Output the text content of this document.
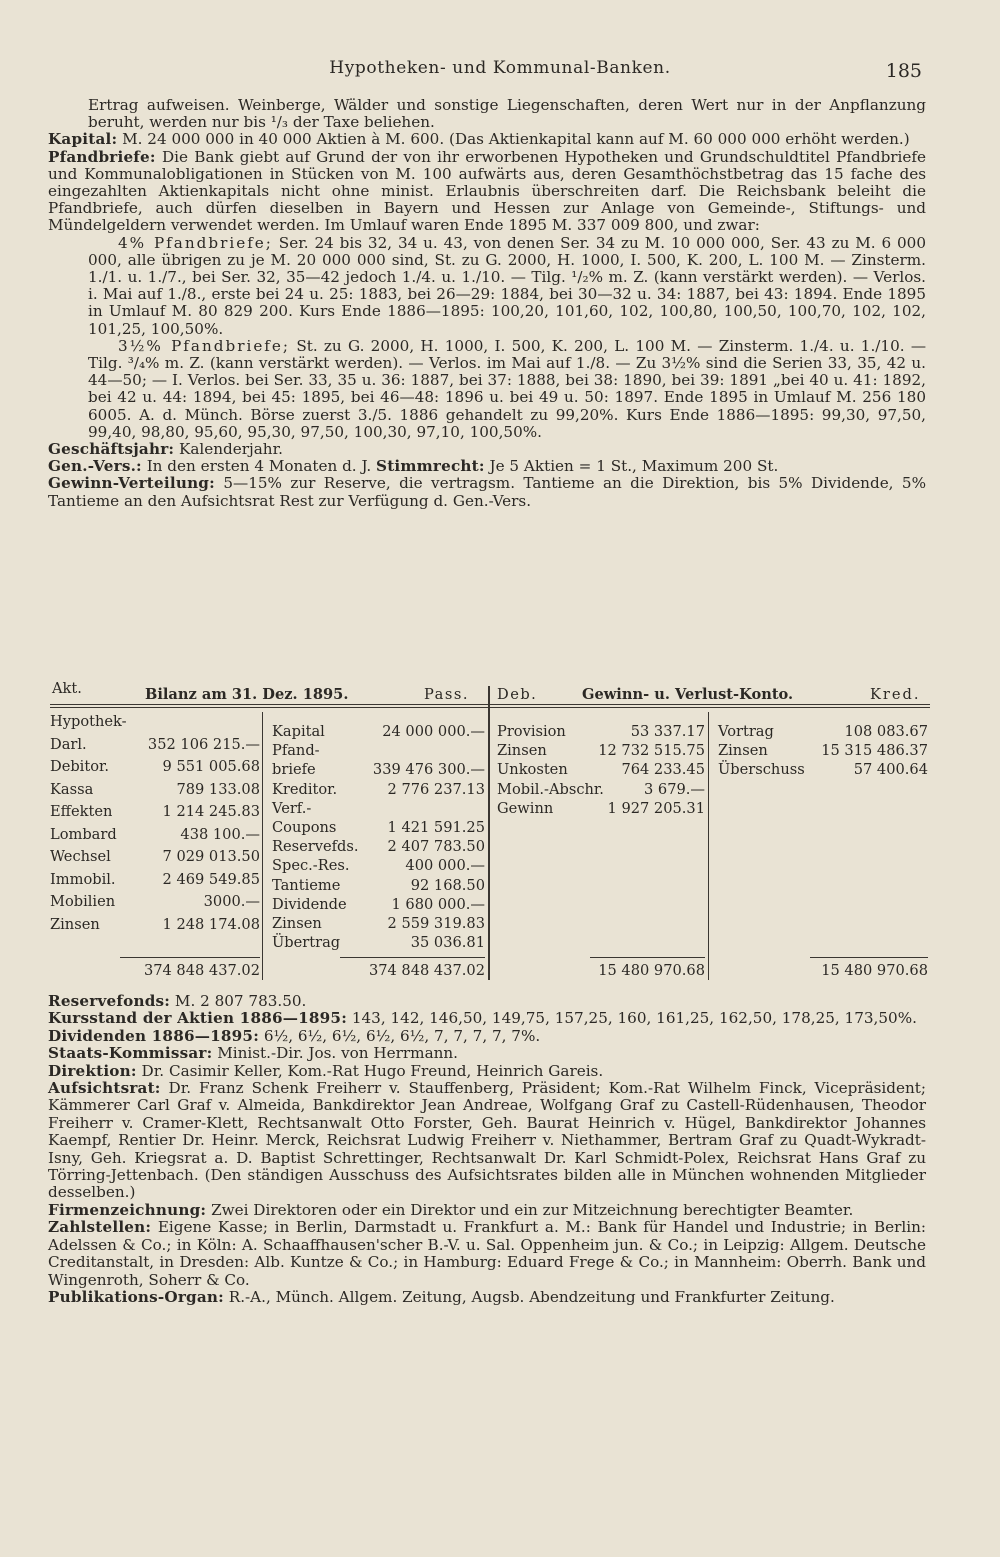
Hypotheken- und Kommunal-Banken.	185

Ertrag aufweisen. Weinberge, Wälder und sonstige Liegenschaften, deren Wert nur in der Anpflanzung beruht, werden nur bis ¹/₃ der Taxe beliehen.

Kapital: M. 24 000 000 in 40 000 Aktien à M. 600. (Das Aktienkapital kann auf M. 60 000 000 erhöht werden.)

Pfandbriefe: Die Bank giebt auf Grund der von ihr erworbenen Hypotheken und Grundschuldtitel Pfandbriefe und Kommunalobligationen in Stücken von M. 100 aufwärts aus, deren Gesamthöchstbetrag das 15 fache des eingezahlten Aktienkapitals nicht ohne minist. Erlaubnis überschreiten darf. Die Reichsbank beleiht die Pfandbriefe, auch dürfen dieselben in Bayern und Hessen zur Anlage von Gemeinde-, Stiftungs- und Mündelgeldern verwendet werden. Im Umlauf waren Ende 1895 M. 337 009 800, und zwar:

4% Pfandbriefe; Ser. 24 bis 32, 34 u. 43, von denen Ser. 34 zu M. 10 000 000, Ser. 43 zu M. 6 000 000, alle übrigen zu je M. 20 000 000 sind, St. zu G. 2000, H. 1000, I. 500, K. 200, L. 100 M. — Zinsterm. 1./1. u. 1./7., bei Ser. 32, 35—42 jedoch 1./4. u. 1./10. — Tilg. ¹/₂% m. Z. (kann verstärkt werden). — Verlos. i. Mai auf 1./8., erste bei 24 u. 25: 1883, bei 26—29: 1884, bei 30—32 u. 34: 1887, bei 43: 1894. Ende 1895 in Umlauf M. 80 829 200. Kurs Ende 1886—1895: 100,20, 101,60, 102, 100,80, 100,50, 100,70, 102, 102, 101,25, 100,50%.

3½% Pfandbriefe; St. zu G. 2000, H. 1000, I. 500, K. 200, L. 100 M. — Zinsterm. 1./4. u. 1./10. — Tilg. ³/₄% m. Z. (kann verstärkt werden). — Verlos. im Mai auf 1./8. — Zu 3½% sind die Serien 33, 35, 42 u. 44—50; — I. Verlos. bei Ser. 33, 35 u. 36: 1887, bei 37: 1888, bei 38: 1890, bei 39: 1891 „bei 40 u. 41: 1892, bei 42 u. 44: 1894, bei 45: 1895, bei 46—48: 1896 u. bei 49 u. 50: 1897. Ende 1895 in Umlauf M. 256 180 6005. A. d. Münch. Börse zuerst 3./5. 1886 gehandelt zu 99,20%. Kurs Ende 1886—1895: 99,30, 97,50, 99,40, 98,80, 95,60, 95,30, 97,50, 100,30, 97,10, 100,50%.

Geschäftsjahr: Kalenderjahr.

Gen.-Vers.: In den ersten 4 Monaten d. J. Stimmrecht: Je 5 Aktien = 1 St., Maximum 200 St.

Gewinn-Verteilung: 5—15% zur Reserve, die vertragsm. Tantieme an die Direktion, bis 5% Dividende, 5% Tantieme an den Aufsichtsrat Rest zur Verfügung d. Gen.-Vers.

Akt.	Bilanz am 31. Dez. 1895.	Pass. Deb.	Gewinn- u. Verlust-Konto.	Kred.
Hypothek-
Darl.	352 106 215.—
Debitor.	9 551 005.68
Kassa	789 133.08
Effekten	1 214 245.83
Lombard	438 100.—
Wechsel	7 029 013.50
Immobil.	2 469 549.85
Mobilien	3000.—
Zinsen	1 248 174.08
Kapital	24 000 000.—
Pfand-
briefe	339 476 300.—
Kreditor.	2 776 237.13
Verf.-
Coupons	1 421 591.25
Reservefds.	2 407 783.50
Spec.-Res.	400 000.—
Tantieme	92 168.50
Dividende	1 680 000.—
Zinsen	2 559 319.83
Übertrag	35 036.81
Provision	53 337.17
Zinsen	12 732 515.75
Unkosten	764 233.45
Mobil.-Abschr.	3 679.—
Gewinn	1 927 205.31
Vortrag	108 083.67
Zinsen	15 315 486.37
Überschuss	57 400.64
374 848 437.02	374 848 437.02	15 480 970.68	15 480 970.68

Reservefonds: M. 2 807 783.50.

Kursstand der Aktien 1886—1895: 143, 142, 146,50, 149,75, 157,25, 160, 161,25, 162,50, 178,25, 173,50%.

Dividenden 1886—1895: 6½, 6½, 6½, 6½, 6½, 7, 7, 7, 7, 7%.

Staats-Kommissar: Minist.-Dir. Jos. von Herrmann.

Direktion: Dr. Casimir Keller, Kom.-Rat Hugo Freund, Heinrich Gareis.

Aufsichtsrat: Dr. Franz Schenk Freiherr v. Stauffenberg, Präsident; Kom.-Rat Wilhelm Finck, Vicepräsident; Kämmerer Carl Graf v. Almeida, Bankdirektor Jean Andreae, Wolfgang Graf zu Castell-Rüdenhausen, Theodor Freiherr v. Cramer-Klett, Rechtsanwalt Otto Forster, Geh. Baurat Heinrich v. Hügel, Bankdirektor Johannes Kaempf, Rentier Dr. Heinr. Merck, Reichsrat Ludwig Freiherr v. Niethammer, Bertram Graf zu Quadt-Wykradt-Isny, Geh. Kriegsrat a. D. Baptist Schrettinger, Rechtsanwalt Dr. Karl Schmidt-Polex, Reichsrat Hans Graf zu Törring-Jettenbach. (Den ständigen Ausschuss des Aufsichtsrates bilden alle in München wohnenden Mitglieder desselben.)

Firmenzeichnung: Zwei Direktoren oder ein Direktor und ein zur Mitzeichnung berechtigter Beamter.

Zahlstellen: Eigene Kasse; in Berlin, Darmstadt u. Frankfurt a. M.: Bank für Handel und Industrie; in Berlin: Adelssen & Co.; in Köln: A. Schaaffhausen'scher B.-V. u. Sal. Oppenheim jun. & Co.; in Leipzig: Allgem. Deutsche Creditanstalt, in Dresden: Alb. Kuntze & Co.; in Hamburg: Eduard Frege & Co.; in Mannheim: Oberrh. Bank und Wingenroth, Soherr & Co.

Publikations-Organ: R.-A., Münch. Allgem. Zeitung, Augsb. Abendzeitung und Frankfurter Zeitung.
